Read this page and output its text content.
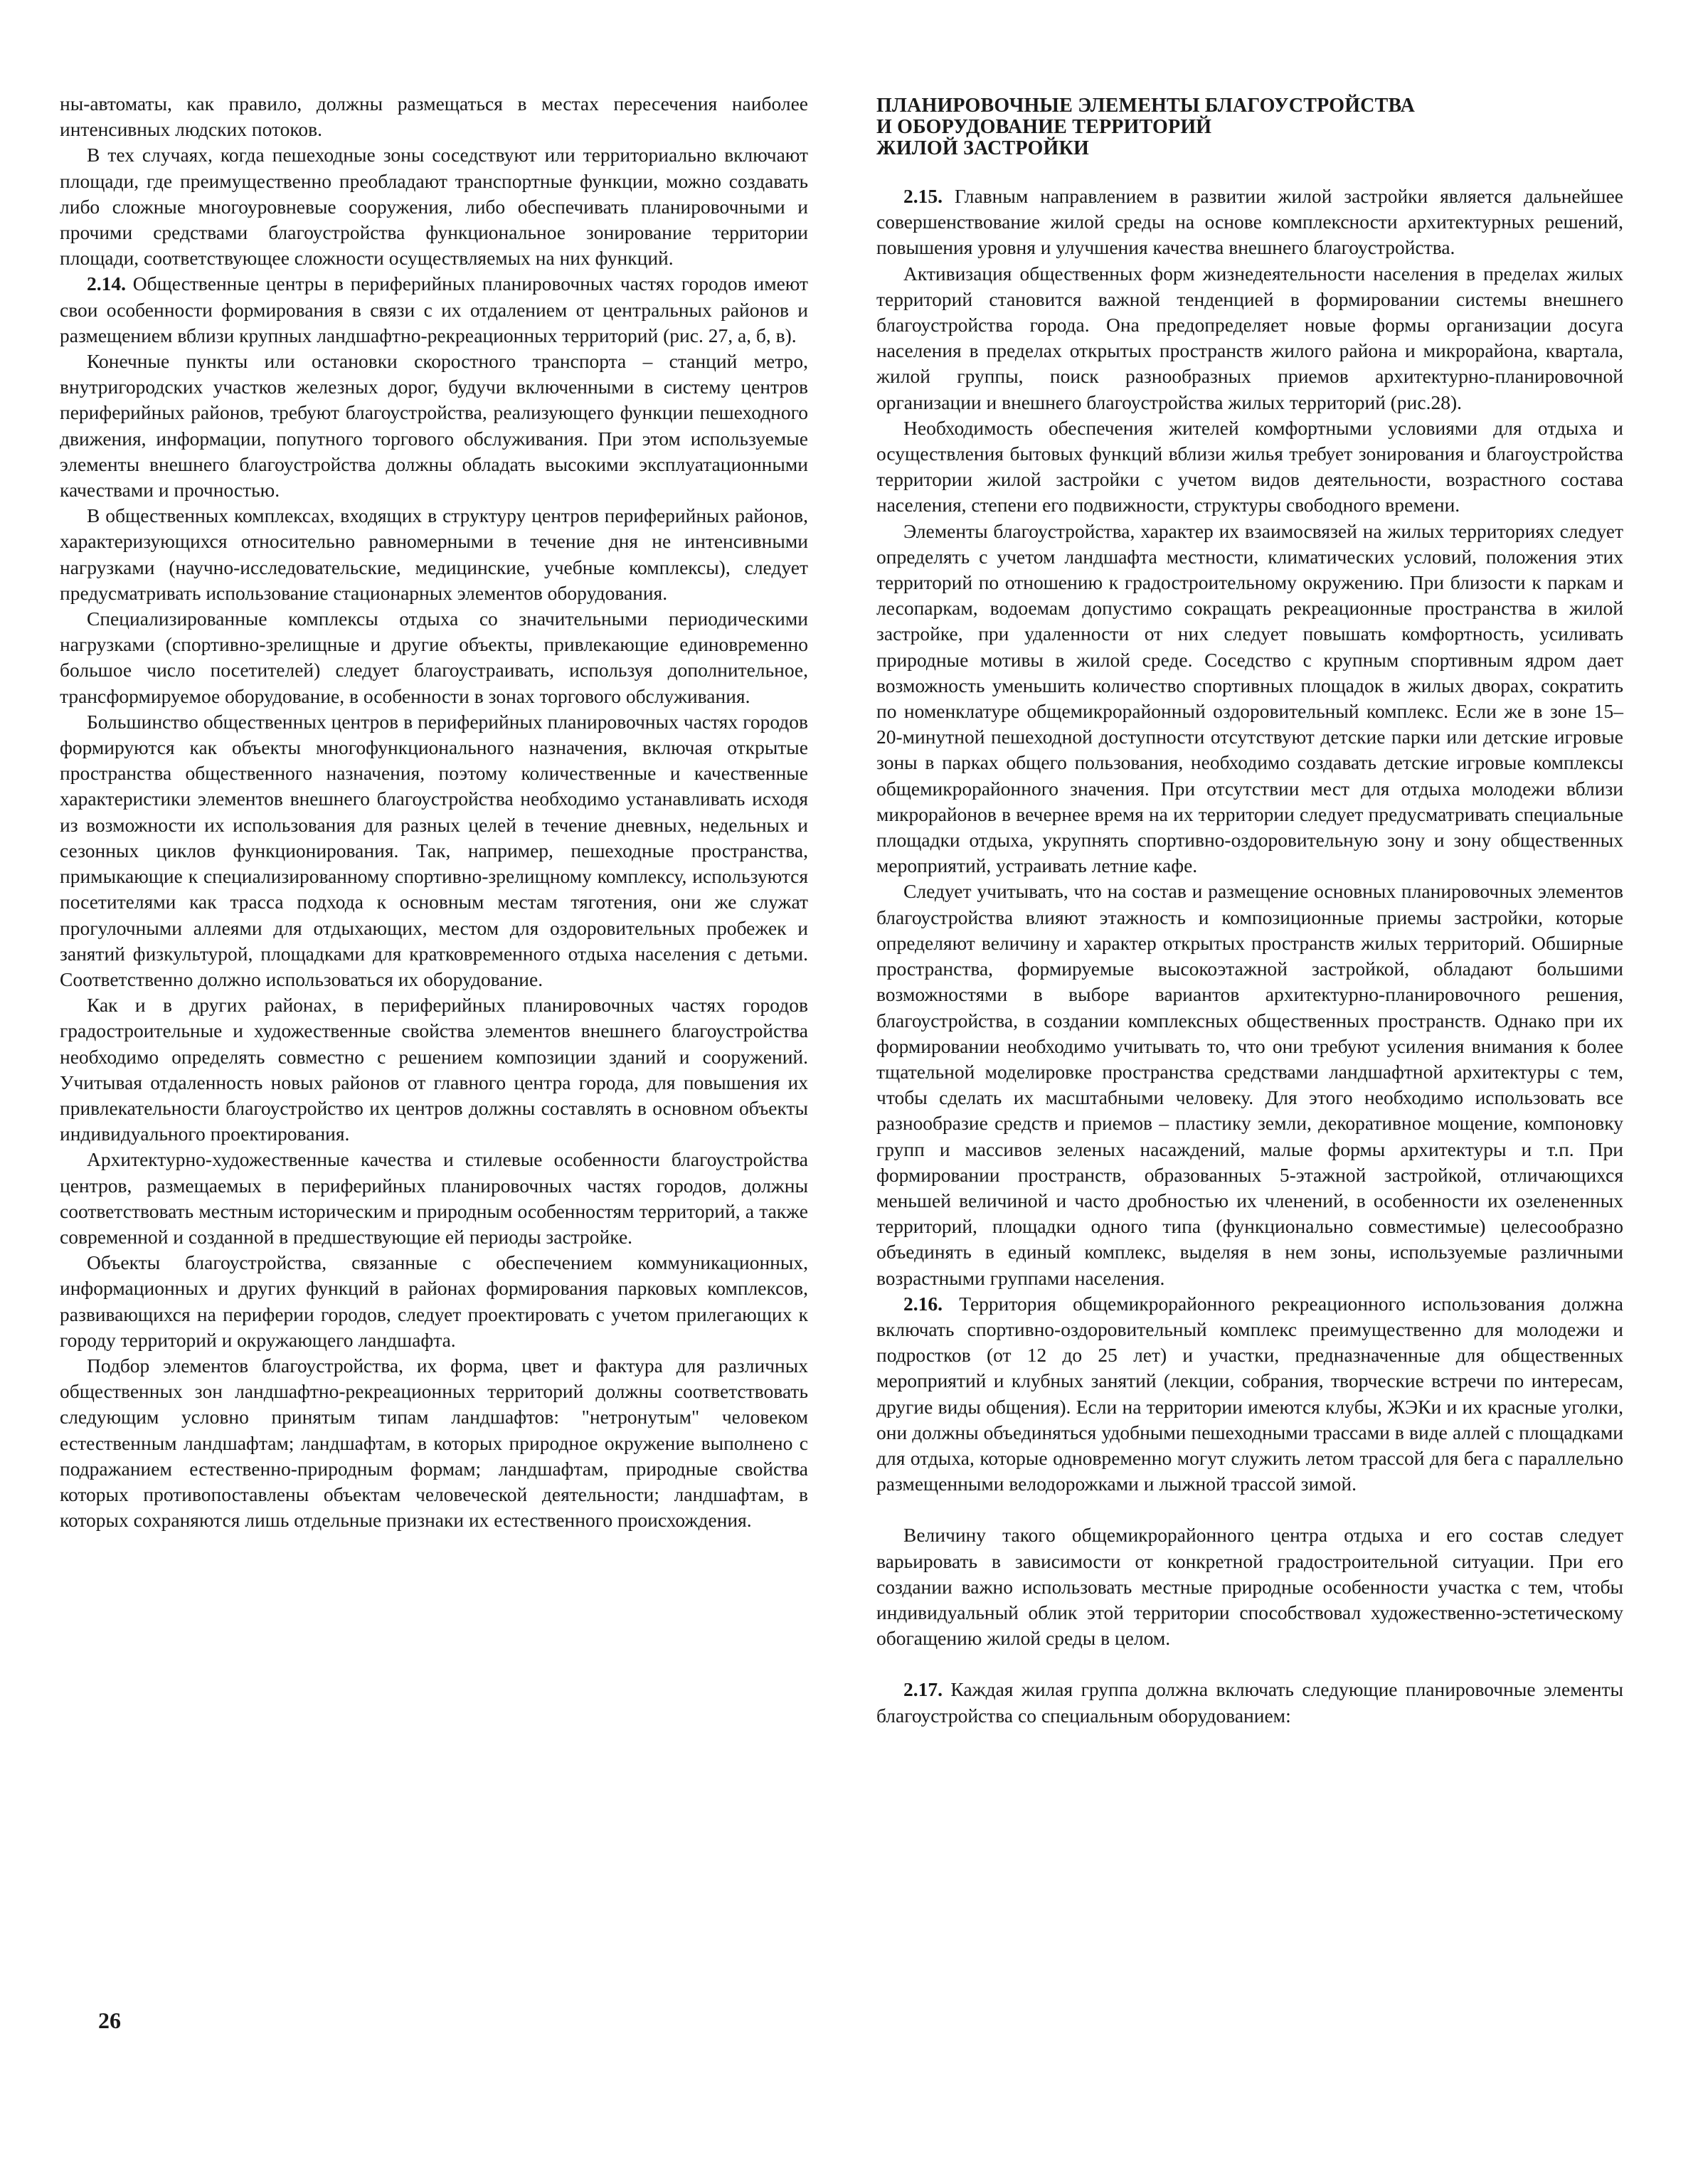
ны-автоматы, как правило, должны размещаться в местах пересечения наиболее интенсивных людских потоков.

В тех случаях, когда пешеходные зоны соседствуют или территориально включают площади, где преимущественно преобладают транспортные функции, можно создавать либо сложные многоуровневые сооружения, либо обеспечивать планировочными и прочими средствами благоустройства функциональное зонирование территории площади, соответствующее сложности осуществляемых на них функций.

2.14. Общественные центры в периферийных планировочных частях городов имеют свои особенности формирования в связи с их отдалением от центральных районов и размещением вблизи крупных ландшафтно-рекреационных территорий (рис. 27, а, б, в).

Конечные пункты или остановки скоростного транспорта – станций метро, внутригородских участков железных дорог, будучи включенными в систему центров периферийных районов, требуют благоустройства, реализующего функции пешеходного движения, информации, попутного торгового обслуживания. При этом используемые элементы внешнего благоустройства должны обладать высокими эксплуатационными качествами и прочностью.

В общественных комплексах, входящих в структуру центров периферийных районов, характеризующихся относительно равномерными в течение дня не интенсивными нагрузками (научно-исследовательские, медицинские, учебные комплексы), следует предусматривать использование стационарных элементов оборудования.

Специализированные комплексы отдыха со значительными периодическими нагрузками (спортивно-зрелищные и другие объекты, привлекающие единовременно большое число посетителей) следует благоустраивать, используя дополнительное, трансформируемое оборудование, в особенности в зонах торгового обслуживания.

Большинство общественных центров в периферийных планировочных частях городов формируются как объекты многофункционального назначения, включая открытые пространства общественного назначения, поэтому количественные и качественные характеристики элементов внешнего благоустройства необходимо устанавливать исходя из возможности их использования для разных целей в течение дневных, недельных и сезонных циклов функционирования. Так, например, пешеходные пространства, примыкающие к специализированному спортивно-зрелищному комплексу, используются посетителями как трасса подхода к основным местам тяготения, они же служат прогулочными аллеями для отдыхающих, местом для оздоровительных пробежек и занятий физкультурой, площадками для кратковременного отдыха населения с детьми. Соответственно должно использоваться их оборудование.

Как и в других районах, в периферийных планировочных частях городов градостроительные и художественные свойства элементов внешнего благоустройства необходимо определять совместно с решением композиции зданий и сооружений. Учитывая отдаленность новых районов от главного центра города, для повышения их привлекательности благоустройство их центров должны составлять в основном объекты индивидуального проектирования.

Архитектурно-художественные качества и стилевые особенности благоустройства центров, размещаемых в периферийных планировочных частях городов, должны соответствовать местным историческим и природным особенностям территорий, а также современной и созданной в предшествующие ей периоды застройке.

Объекты благоустройства, связанные с обеспечением коммуникационных, информационных и других функций в районах формирования парковых комплексов, развивающихся на периферии городов, следует проектировать с учетом прилегающих к городу территорий и окружающего ландшафта.

Подбор элементов благоустройства, их форма, цвет и фактура для различных общественных зон ландшафтно-рекреационных территорий должны соответствовать следующим условно принятым типам ландшафтов: "нетронутым" человеком естественным ландшафтам; ландшафтам, в которых природное окружение выполнено с подражанием естественно-природным формам; ландшафтам, природные свойства которых противопоставлены объектам человеческой деятельности; ландшафтам, в которых сохраняются лишь отдельные признаки их естественного происхождения.

ПЛАНИРОВОЧНЫЕ ЭЛЕМЕНТЫ БЛАГОУСТРОЙСТВА
И ОБОРУДОВАНИЕ ТЕРРИТОРИЙ
ЖИЛОЙ ЗАСТРОЙКИ

2.15. Главным направлением в развитии жилой застройки является дальнейшее совершенствование жилой среды на основе комплексности архитектурных решений, повышения уровня и улучшения качества внешнего благоустройства.

Активизация общественных форм жизнедеятельности населения в пределах жилых территорий становится важной тенденцией в формировании системы внешнего благоустройства города. Она предопределяет новые формы организации досуга населения в пределах открытых пространств жилого района и микрорайона, квартала, жилой группы, поиск разнообразных приемов архитектурно-планировочной организации и внешнего благоустройства жилых территорий (рис.28).

Необходимость обеспечения жителей комфортными условиями для отдыха и осуществления бытовых функций вблизи жилья требует зонирования и благоустройства территории жилой застройки с учетом видов деятельности, возрастного состава населения, степени его подвижности, структуры свободного времени.

Элементы благоустройства, характер их взаимосвязей на жилых территориях следует определять с учетом ландшафта местности, климатических условий, положения этих территорий по отношению к градостроительному окружению. При близости к паркам и лесопаркам, водоемам допустимо сокращать рекреационные пространства в жилой застройке, при удаленности от них следует повышать комфортность, усиливать природные мотивы в жилой среде. Соседство с крупным спортивным ядром дает возможность уменьшить количество спортивных площадок в жилых дворах, сократить по номенклатуре общемикрорайонный оздоровительный комплекс. Если же в зоне 15–20-минутной пешеходной доступности отсутствуют детские парки или детские игровые зоны в парках общего пользования, необходимо создавать детские игровые комплексы общемикрорайонного значения. При отсутствии мест для отдыха молодежи вблизи микрорайонов в вечернее время на их территории следует предусматривать специальные площадки отдыха, укрупнять спортивно-оздоровительную зону и зону общественных мероприятий, устраивать летние кафе.

Следует учитывать, что на состав и размещение основных планировочных элементов благоустройства влияют этажность и композиционные приемы застройки, которые определяют величину и характер открытых пространств жилых территорий. Обширные пространства, формируемые высокоэтажной застройкой, обладают большими возможностями в выборе вариантов архитектурно-планировочного решения, благоустройства, в создании комплексных общественных пространств. Однако при их формировании необходимо учитывать то, что они требуют усиления внимания к более тщательной моделировке пространства средствами ландшафтной архитектуры с тем, чтобы сделать их масштабными человеку. Для этого необходимо использовать все разнообразие средств и приемов – пластику земли, декоративное мощение, компоновку групп и массивов зеленых насаждений, малые формы архитектуры и т.п. При формировании пространств, образованных 5-этажной застройкой, отличающихся меньшей величиной и часто дробностью их членений, в особенности их озелененных территорий, площадки одного типа (функционально совместимые) целесообразно объединять в единый комплекс, выделяя в нем зоны, используемые различными возрастными группами населения.

2.16. Территория общемикрорайонного рекреационного использования должна включать спортивно-оздоровительный комплекс преимущественно для молодежи и подростков (от 12 до 25 лет) и участки, предназначенные для общественных мероприятий и клубных занятий (лекции, собрания, творческие встречи по интересам, другие виды общения). Если на территории имеются клубы, ЖЭКи и их красные уголки, они должны объединяться удобными пешеходными трассами в виде аллей с площадками для отдыха, которые одновременно могут служить летом трассой для бега с параллельно размещенными велодорожками и лыжной трассой зимой.

Величину такого общемикрорайонного центра отдыха и его состав следует варьировать в зависимости от конкретной градостроительной ситуации. При его создании важно использовать местные природные особенности участка с тем, чтобы индивидуальный облик этой территории способствовал художественно-эстетическому обогащению жилой среды в целом.

2.17. Каждая жилая группа должна включать следующие планировочные элементы благоустройства со специальным оборудованием:

26
